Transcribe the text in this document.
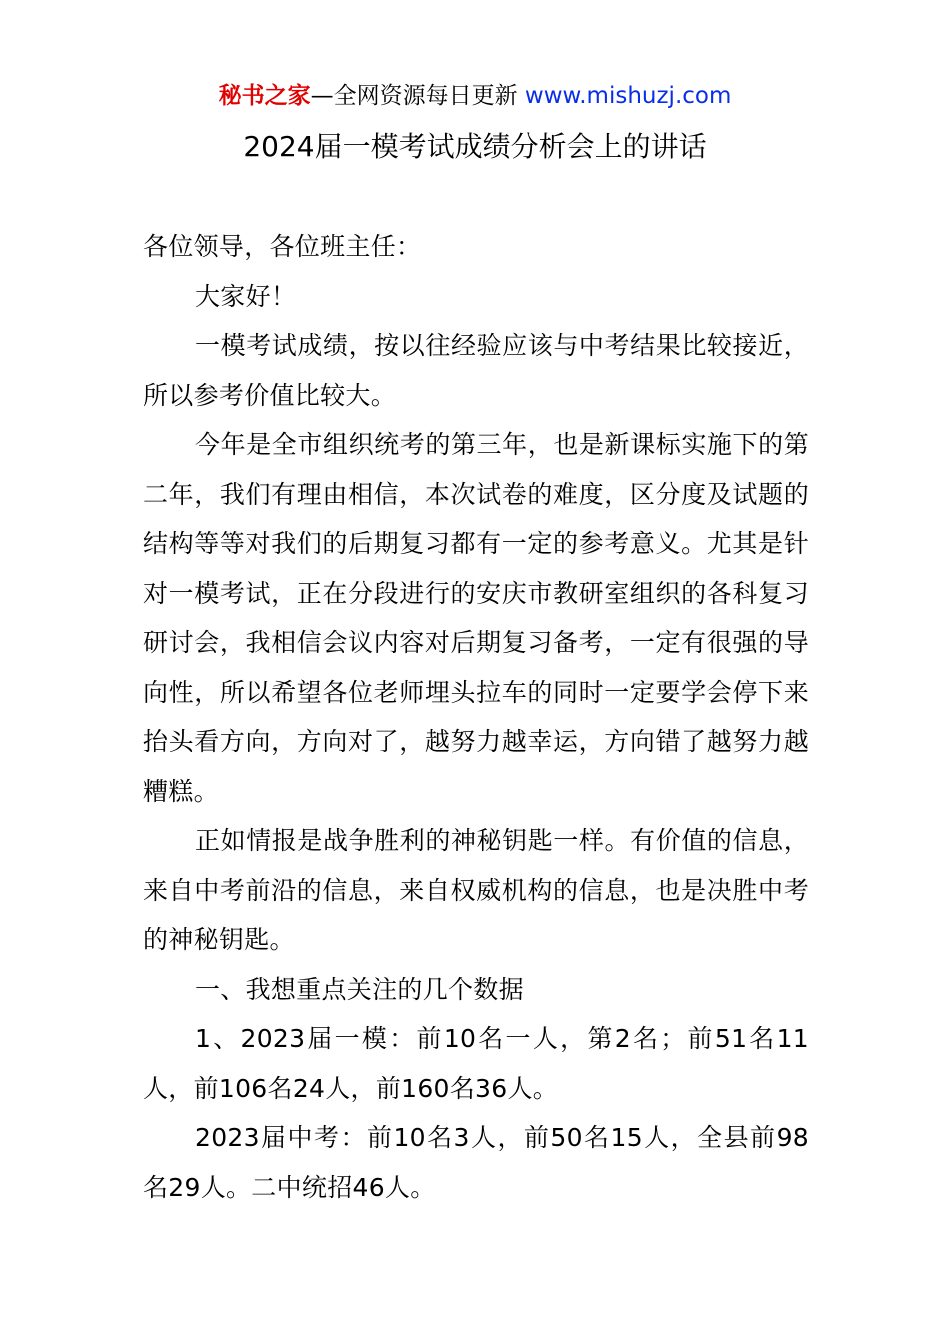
秘书之家—全网资源每日更新 www.mishuzj.com
2024届一模考试成绩分析会上的讲话

各位领导，各位班主任：

大家好！

一模考试成绩，按以往经验应该与中考结果比较接近，所以参考价值比较大。

今年是全市组织统考的第三年，也是新课标实施下的第二年，我们有理由相信，本次试卷的难度，区分度及试题的结构等等对我们的后期复习都有一定的参考意义。尤其是针对一模考试，正在分段进行的安庆市教研室组织的各科复习研讨会，我相信会议内容对后期复习备考，一定有很强的导向性，所以希望各位老师埋头拉车的同时一定要学会停下来抬头看方向，方向对了，越努力越幸运，方向错了越努力越糟糕。

正如情报是战争胜利的神秘钥匙一样。有价值的信息，来自中考前沿的信息，来自权威机构的信息，也是决胜中考的神秘钥匙。

一、我想重点关注的几个数据

1、2023届一模：前10名一人，第2名；前51名11人，前106名24人，前160名36人。

2023届中考：前10名3人，前50名15人，全县前98名29人。二中统招46人。
